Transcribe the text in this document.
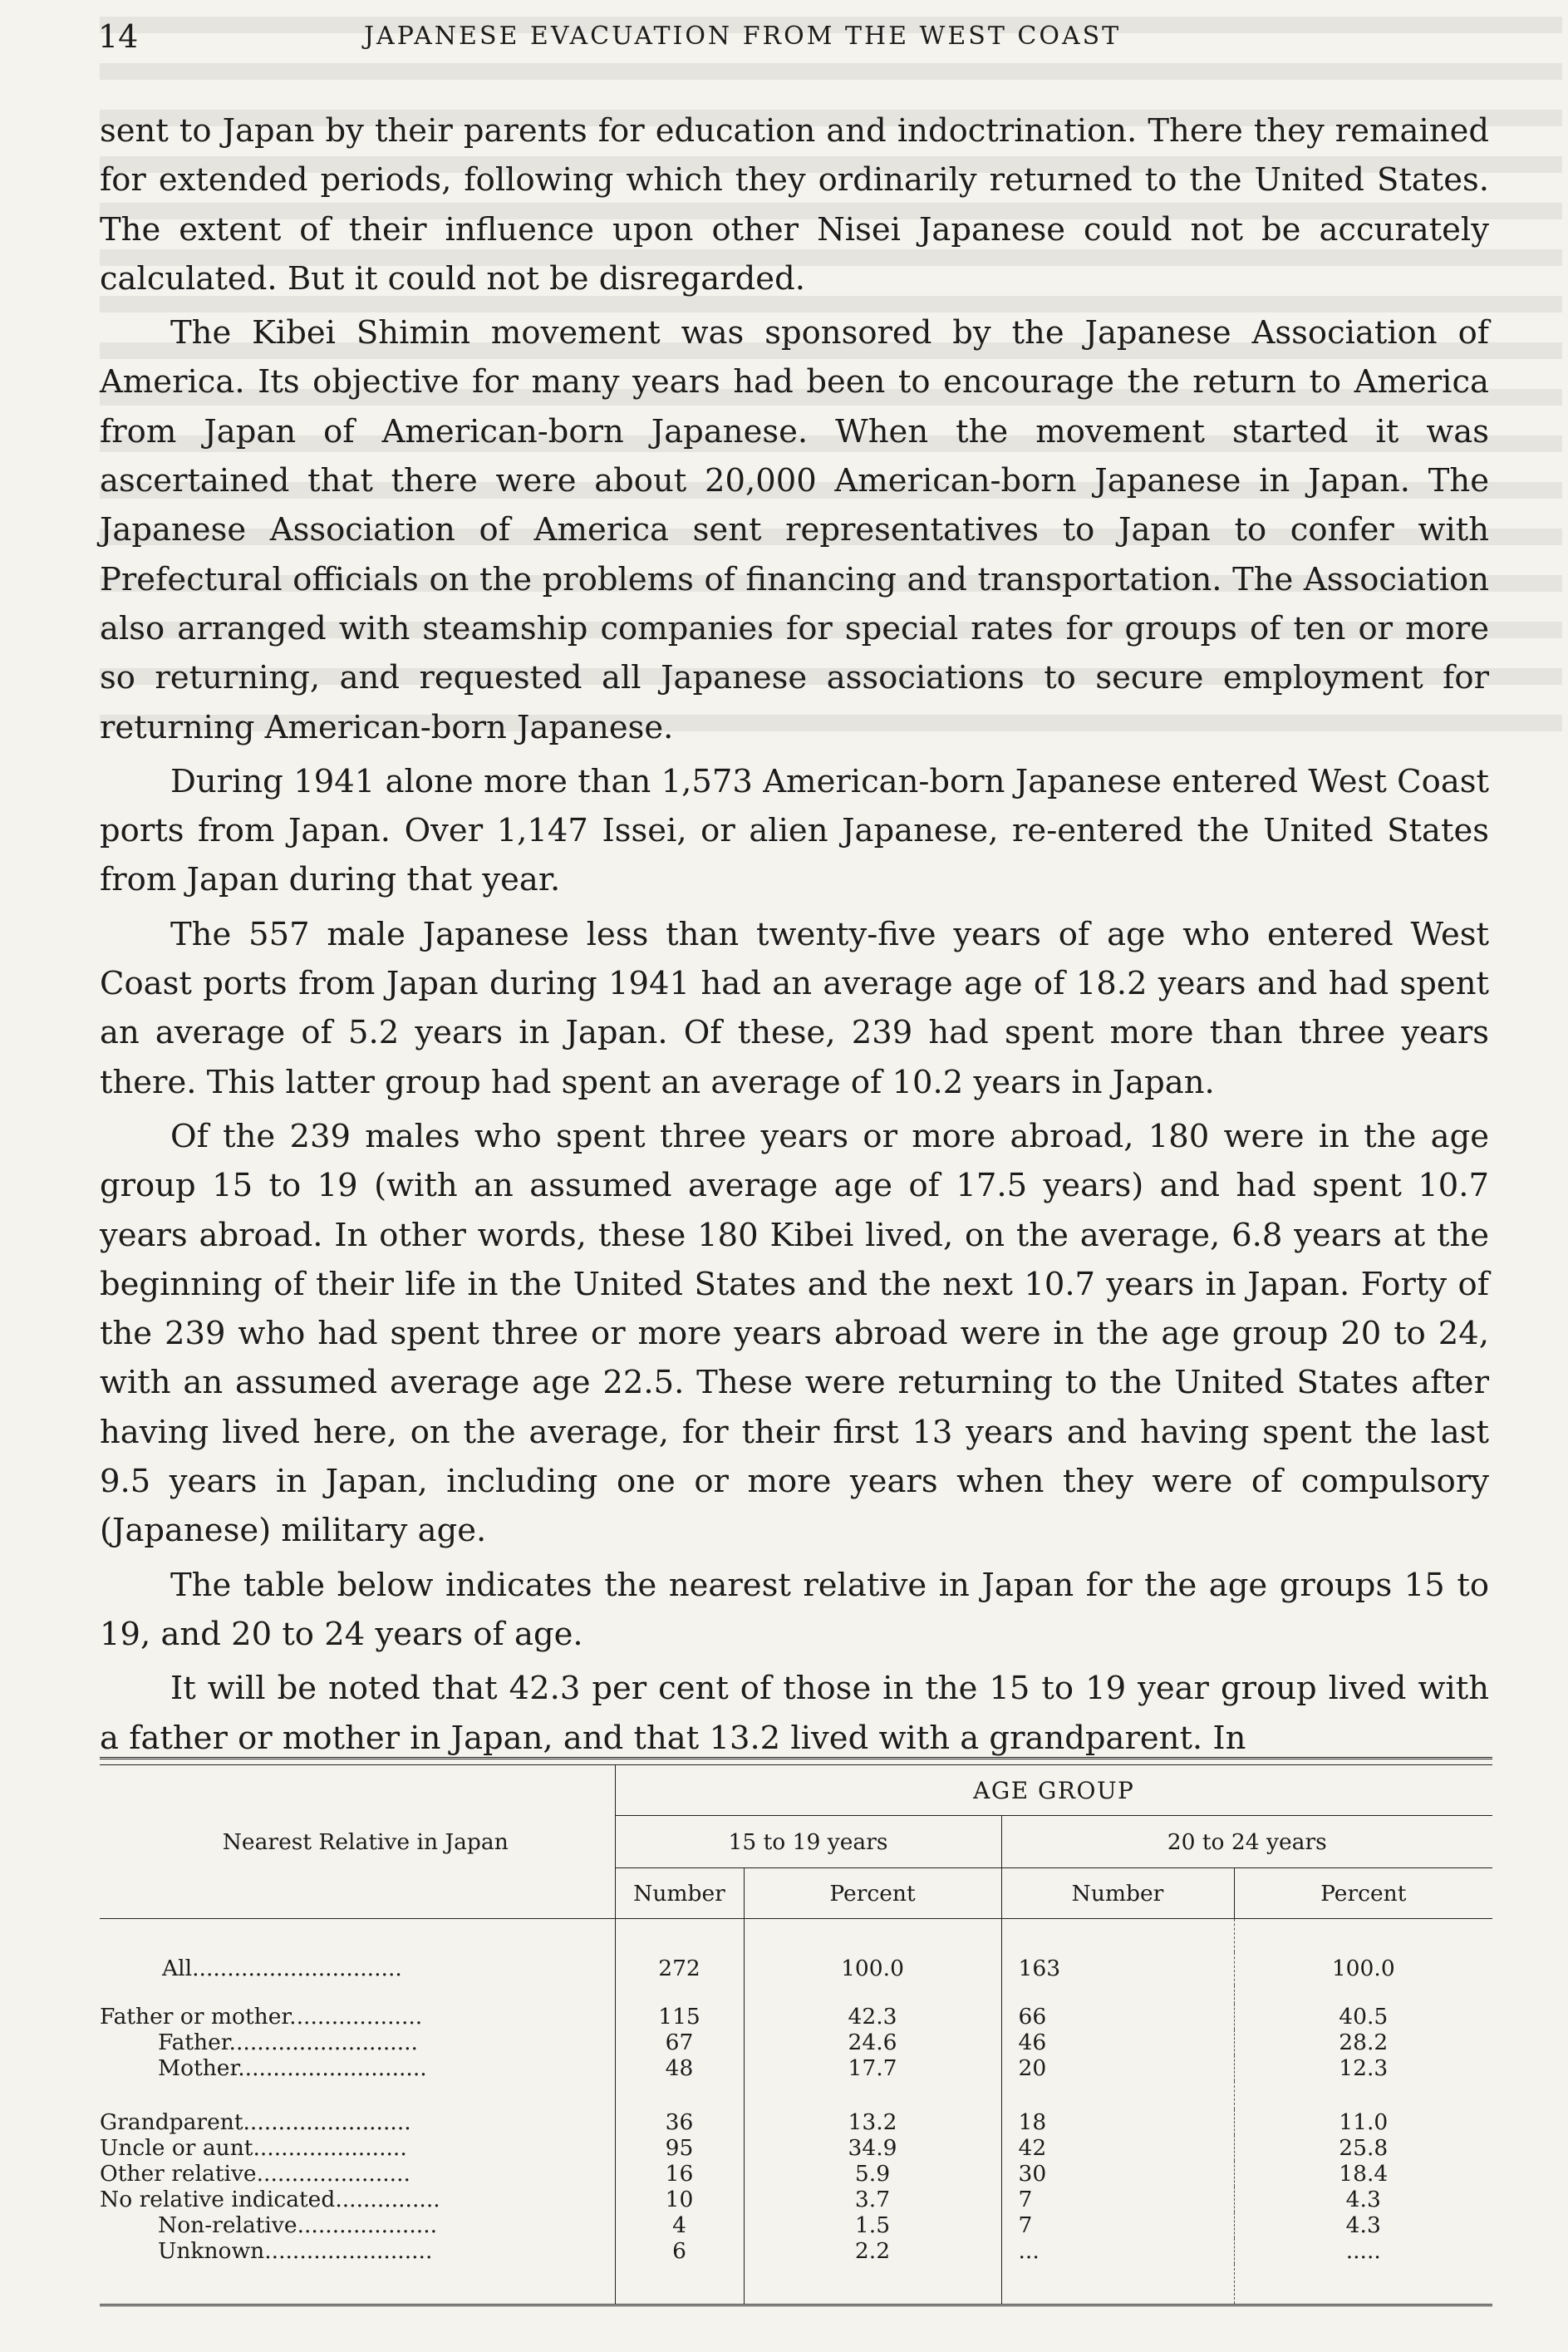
14	JAPANESE EVACUATION FROM THE WEST COAST

sent to Japan by their parents for education and indoctrination. There they remained for extended periods, following which they ordinarily returned to the United States. The extent of their influence upon other Nisei Japanese could not be accurately calculated. But it could not be disregarded.

The Kibei Shimin movement was sponsored by the Japanese Association of America. Its objective for many years had been to encourage the return to America from Japan of American-born Japanese. When the movement started it was ascertained that there were about 20,000 American-born Japanese in Japan. The Japanese Association of America sent representatives to Japan to confer with Prefectural officials on the problems of financing and transportation. The Association also arranged with steamship companies for special rates for groups of ten or more so returning, and requested all Japanese associations to secure employment for returning American-born Japanese.

During 1941 alone more than 1,573 American-born Japanese entered West Coast ports from Japan. Over 1,147 Issei, or alien Japanese, re-entered the United States from Japan during that year.

The 557 male Japanese less than twenty-five years of age who entered West Coast ports from Japan during 1941 had an average age of 18.2 years and had spent an average of 5.2 years in Japan. Of these, 239 had spent more than three years there. This latter group had spent an average of 10.2 years in Japan.

Of the 239 males who spent three years or more abroad, 180 were in the age group 15 to 19 (with an assumed average age of 17.5 years) and had spent 10.7 years abroad. In other words, these 180 Kibei lived, on the average, 6.8 years at the beginning of their life in the United States and the next 10.7 years in Japan. Forty of the 239 who had spent three or more years abroad were in the age group 20 to 24, with an assumed average age 22.5. These were returning to the United States after having lived here, on the average, for their first 13 years and having spent the last 9.5 years in Japan, including one or more years when they were of compulsory (Japanese) military age.

The table below indicates the nearest relative in Japan for the age groups 15 to 19, and 20 to 24 years of age.

It will be noted that 42.3 per cent of those in the 15 to 19 year group lived with a father or mother in Japan, and that 13.2 lived with a grandparent. In

Nearest Relative in Japan	AGE GROUP			
	15 to 19 years		20 to 24 years	
	Number	Percent	Number	Percent

All..............................	272	100.0	163	100.0

Father or mother...................	115	42.3	66	40.5
Father...........................	67	24.6	46	28.2
Mother...........................	48	17.7	20	12.3

Grandparent........................	36	13.2	18	11.0
Uncle or aunt......................	95	34.9	42	25.8
Other relative......................	16	5.9	30	18.4
No relative indicated...............	10	3.7	7	4.3
Non-relative....................	4	1.5	7	4.3
Unknown........................	6	2.2	...	.....
